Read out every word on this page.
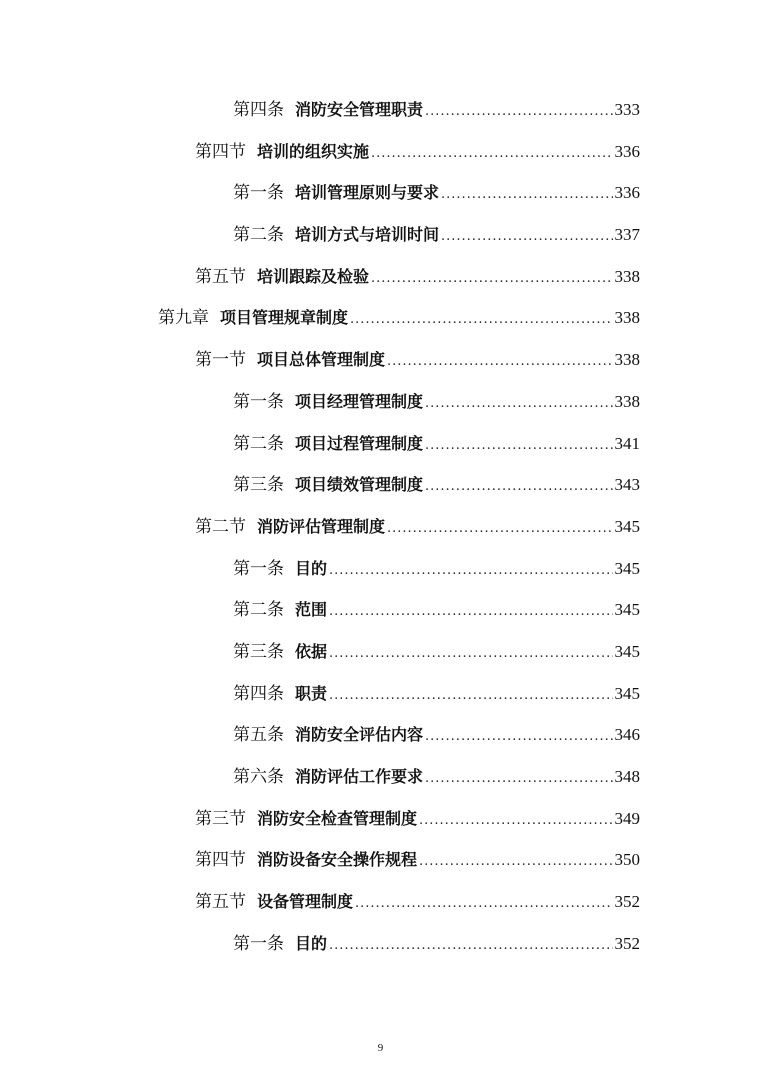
第四条 消防安全管理职责 .....	333
第四节 培训的组织实施 .....	336
第一条 培训管理原则与要求 .....	336
第二条 培训方式与培训时间 .....	337
第五节 培训跟踪及检验 .....	338
第九章 项目管理规章制度 .....	338
第一节 项目总体管理制度 .....	338
第一条 项目经理管理制度 .....	338
第二条 项目过程管理制度 .....	341
第三条 项目绩效管理制度 .....	343
第二节 消防评估管理制度 .....	345
第一条 目的 .....	345
第二条 范围 .....	345
第三条 依据 .....	345
第四条 职责 .....	345
第五条 消防安全评估内容 .....	346
第六条 消防评估工作要求 .....	348
第三节 消防安全检查管理制度 .....	349
第四节 消防设备安全操作规程 .....	350
第五节 设备管理制度 .....	352
第一条 目的 .....	352
9
